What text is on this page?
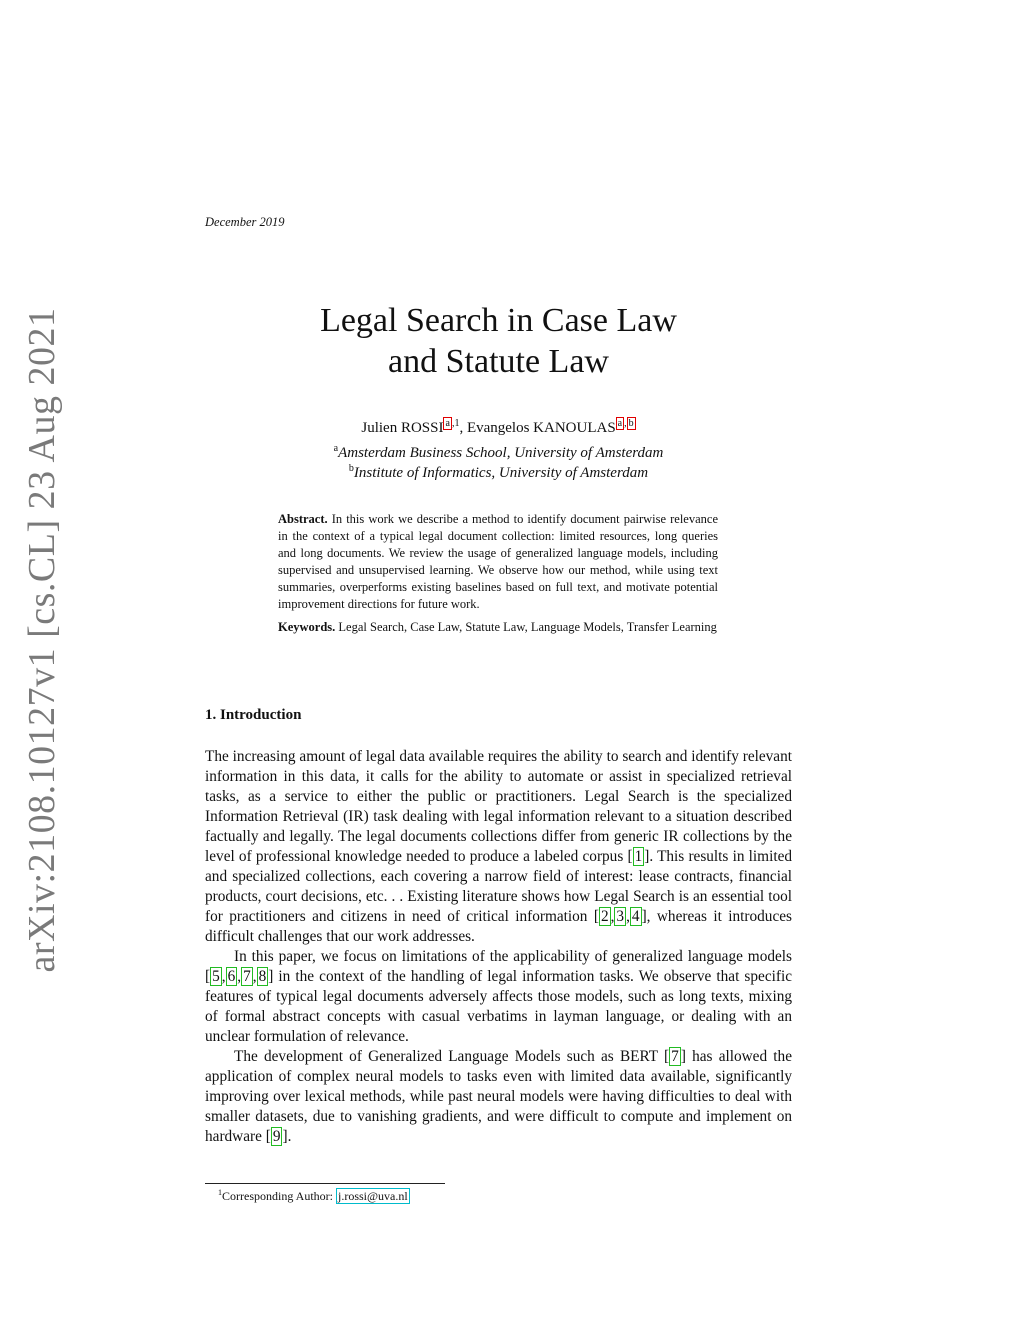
arXiv:2108.10127v1 [cs.CL] 23 Aug 2021
December 2019
Legal Search in Case Law
and Statute Law
Julien ROSSI $^{a ,1}$, Evangelos KANOULAS $^{a , b}$
$^a$Amsterdam Business School, University of Amsterdam
$^b$Institute of Informatics, University of Amsterdam

Abstract. In this work we describe a method to identify document pairwise relevance in the context of a typical legal document collection: limited resources, long queries and long documents. We review the usage of generalized language models, including supervised and unsupervised learning. We observe how our method, while using text summaries, overperforms existing baselines based on full text, and motivate potential improvement directions for future work.

Keywords. Legal Search, Case Law, Statute Law, Language Models, Transfer Learning

1. Introduction

The increasing amount of legal data available requires the ability to search and identify relevant information in this data, it calls for the ability to automate or assist in specialized retrieval tasks, as a service to either the public or practitioners. Legal Search is the specialized Information Retrieval (IR) task dealing with legal information relevant to a situation described factually and legally. The legal documents collections differ from generic IR collections by the level of professional knowledge needed to produce a labeled corpus [ 1 ]. This results in limited and specialized collections, each covering a narrow field of interest: lease contracts, financial products, court decisions, etc. . . Existing literature shows how Legal Search is an essential tool for practitioners and citizens in need of critical information [ 2 , 3 , 4 ], whereas it introduces difficult challenges that our work addresses.

In this paper, we focus on limitations of the applicability of generalized language models [ 5 , 6 , 7 , 8 ] in the context of the handling of legal information tasks. We observe that specific features of typical legal documents adversely affects those models, such as long texts, mixing of formal abstract concepts with casual verbatims in layman language, or dealing with an unclear formulation of relevance.

The development of Generalized Language Models such as BERT [ 7 ] has allowed the application of complex neural models to tasks even with limited data available, significantly improving over lexical methods, while past neural models were having difficulties to deal with smaller datasets, due to vanishing gradients, and were difficult to compute and implement on hardware [ 9 ].

$^1$Corresponding Author: j.rossi@uva.nl
